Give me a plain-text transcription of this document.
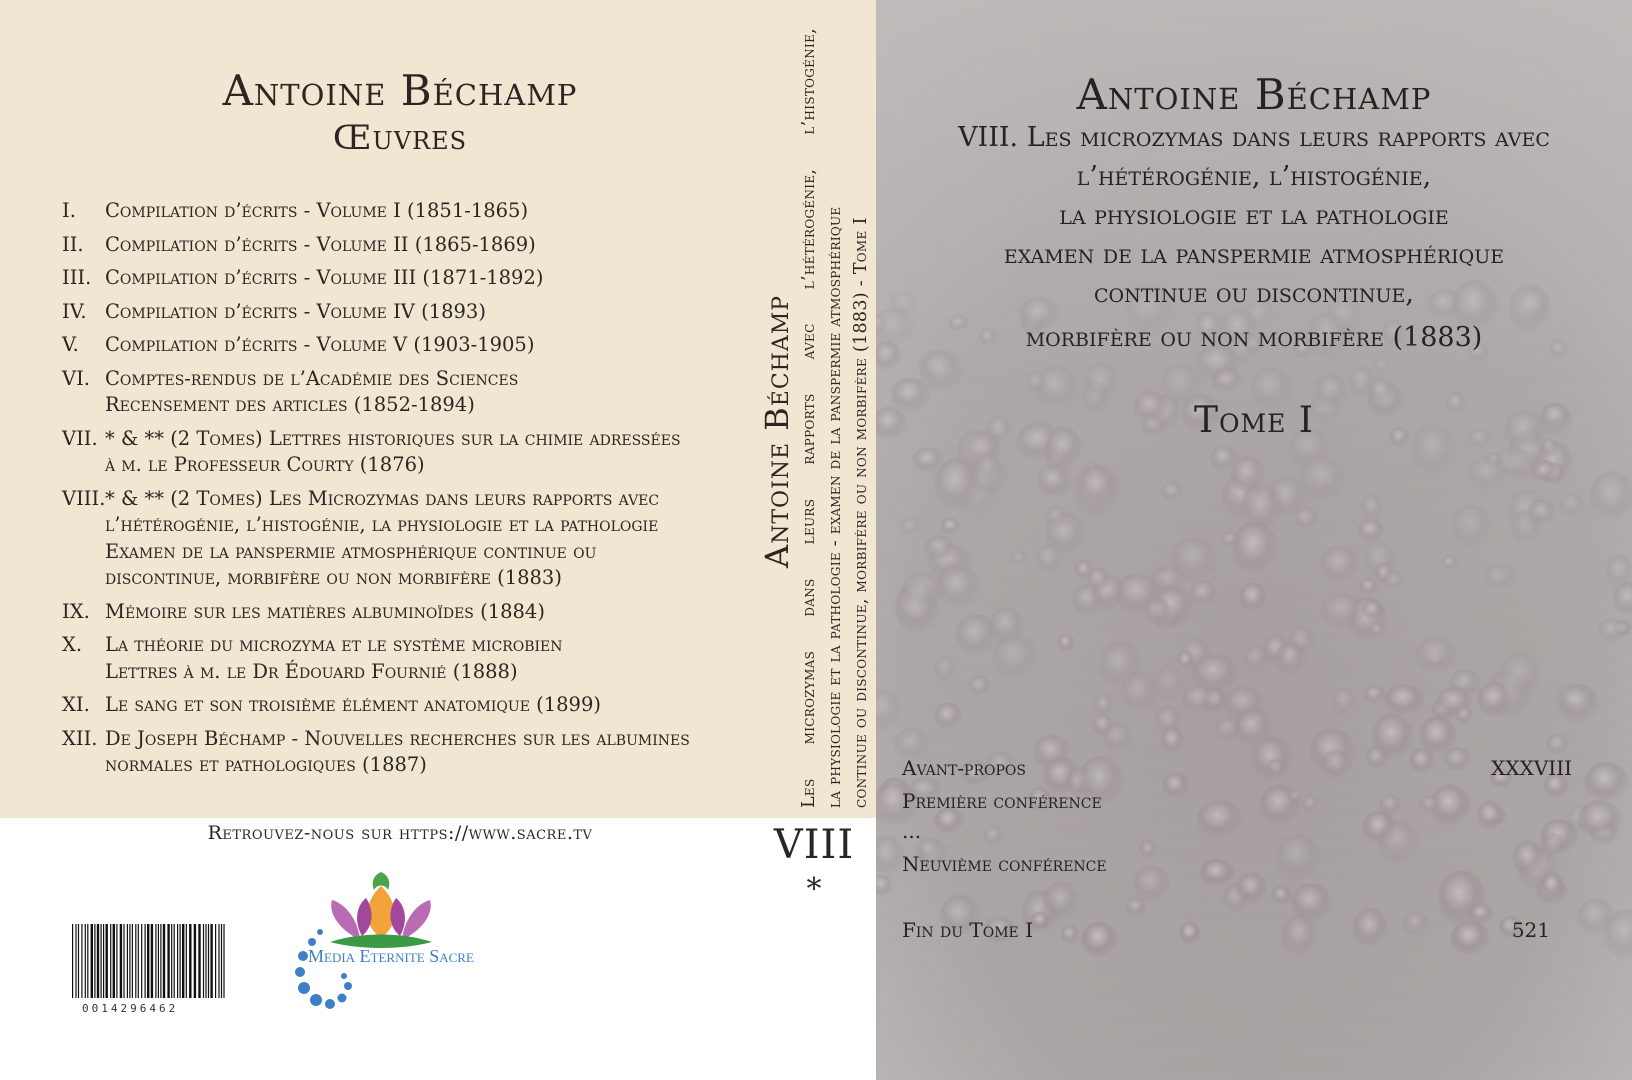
Antoine Béchamp
Œuvres
I.	Compilation d’écrits - Volume I (1851-1865)
II.	Compilation d’écrits - Volume II (1865-1869)
III. Compilation d’écrits - Volume III (1871-1892)
IV. Compilation d’écrits - Volume IV (1893)
V.	Compilation d’écrits - Volume V (1903-1905)
VI. Comptes-rendus de l’Académie des Sciences
Recensement des articles (1852-1894)
VII. * & ** (2 Tomes) Lettres historiques sur la chimie adressées
à m. le Professeur Courty (1876)
VIII. * & ** (2 Tomes) Les Microzymas dans leurs rapports avec
l’hétérogénie, l’histogénie, la physiologie et la pathologie
Examen de la panspermie atmosphérique continue ou
discontinue, morbifère ou non morbifère (1883)
IX. Mémoire sur les matières albuminoïdes (1884)
X.	La théorie du microzyma et le système microbien
Lettres à m. le Dr Édouard Fournié (1888)
XI. Le sang et son troisième élément anatomique (1899)
XII. De Joseph Béchamp - Nouvelles recherches sur les albumines
normales et pathologiques (1887)
Retrouvez-nous sur https://www.sacre.tv
0014296462
Media Eternite Sacre
Antoine Béchamp Les microzymas dans leurs rapports avec l’hétérogénie, l’histogénie, la physiologie et la pathologie - examen de la panspermie atmosphérique continue ou discontinue, morbifère ou non morbifère (1883) - Tome I
VIII
*
Antoine Béchamp
VIII. Les microzymas dans leurs rapports avec
l’hétérogénie, l’histogénie,
la physiologie et la pathologie
examen de la panspermie atmosphérique
continue ou discontinue,
morbifère ou non morbifère (1883)
Tome I
Avant-propos	XXXVIII
Première conférence
...
Neuvième conférence
Fin du Tome I	521
